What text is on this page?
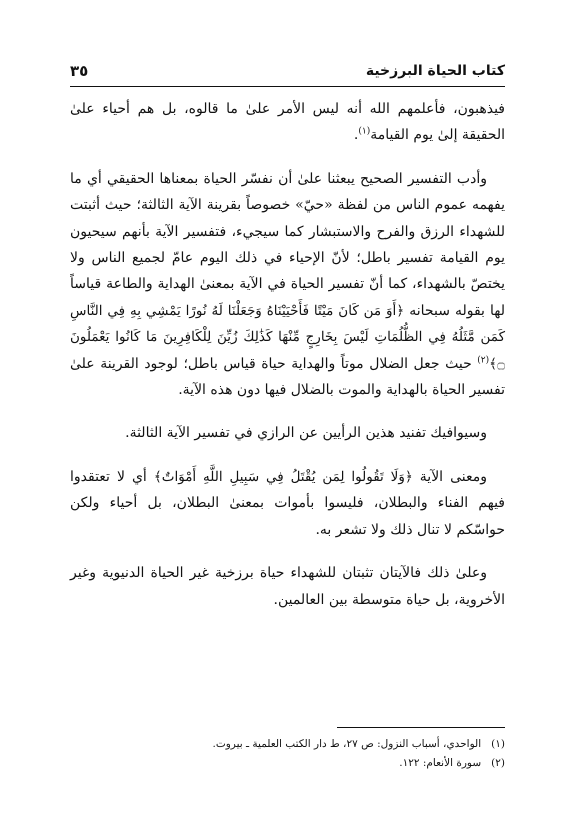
كتاب الحياة البرزخية
٣٥

فيذهبون، فأعلمهم الله أنه ليس الأمر علىٰ ما قالوه، بل هم أحياء علىٰ الحقيقة إلىٰ يوم القيامة$^{(١)}$.

وأدب التفسير الصحيح يبعثنا علىٰ أن نفسّر الحياة بمعناها الحقيقي أي ما يفهمه عموم الناس من لفظة «حيّ» خصوصاً بقرينة الآية الثالثة؛ حيث أثبتت للشهداء الرزق والفرح والاستبشار كما سيجيء، فتفسير الآية بأنهم سيحيون يوم القيامة تفسير باطل؛ لأنّ الإحياء في ذلك اليوم عامّ لجميع الناس ولا يختصّ بالشهداء، كما أنّ تفسير الحياة في الآية بمعنىٰ الهداية والطاعة قياساً لها بقوله سبحانه ﴿أَوَ مَن كَانَ مَيْتًا فَأَحْيَيْنَاهُ وَجَعَلْنَا لَهُ نُورًا يَمْشِي بِهِ فِي النَّاسِ كَمَن مَّثَلُهُ فِي الظُّلُمَاتِ لَيْسَ بِخَارِجٍ مِّنْهَا كَذَٰلِكَ زُيِّنَ لِلْكَافِرِينَ مَا كَانُوا يَعْمَلُونَ ۝﴾$^{(٢)}$ حيث جعل الضلال موتاً والهداية حياة قياس باطل؛ لوجود القرينة علىٰ تفسير الحياة بالهداية والموت بالضلال فيها دون هذه الآية.

وسيوافيك تفنيد هذين الرأيين عن الرازي في تفسير الآية الثالثة.

ومعنى الآية ﴿وَلَا تَقُولُوا لِمَن يُقْتَلُ فِي سَبِيلِ اللَّهِ أَمْوَاتٌ﴾ أي لا تعتقدوا فيهم الفناء والبطلان، فليسوا بأموات بمعنىٰ البطلان، بل أحياء ولكن حواسّكم لا تنال ذلك ولا تشعر به.

وعلىٰ ذلك فالآيتان تثبتان للشهداء حياة برزخية غير الحياة الدنيوية وغير الأخروية، بل حياة متوسطة بين العالمين.

(١)الواحدي، أسباب النزول: ص ٢٧، ط دار الكتب العلمية ـ بيروت.

(٢)سورة الأنعام: ١٢٢.
